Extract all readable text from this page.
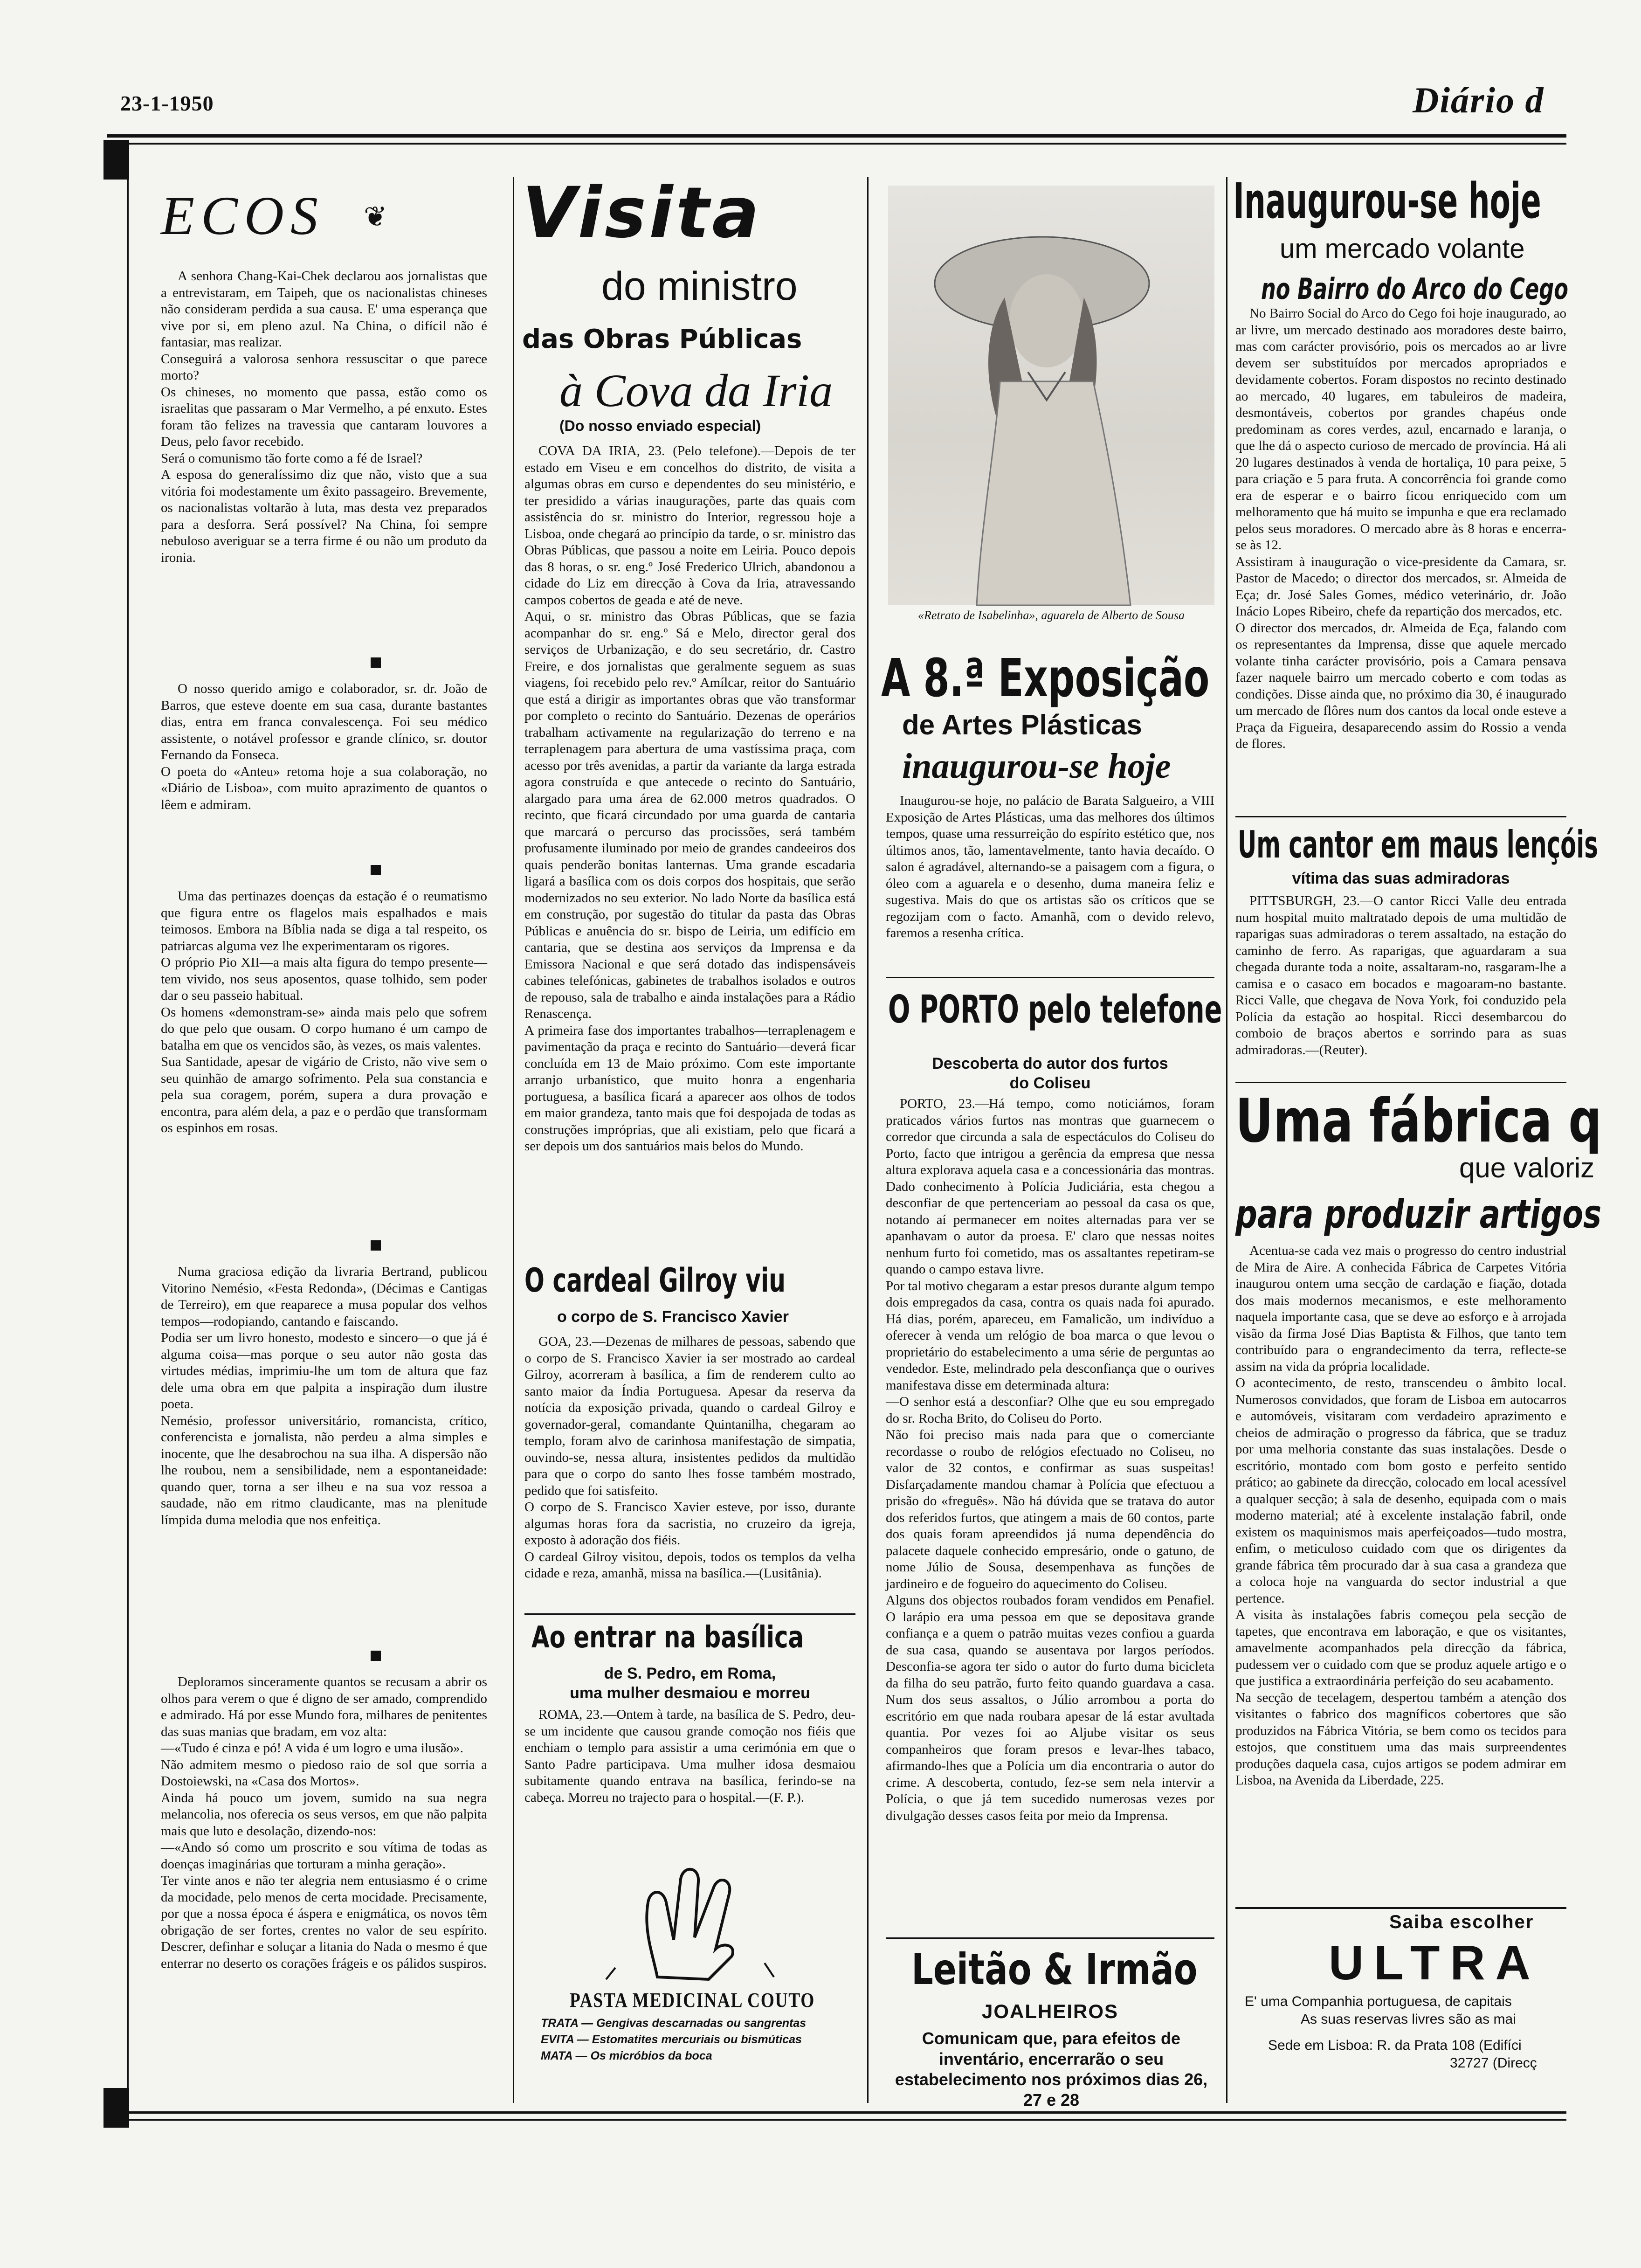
23-1-1950	Diário d
ECOS ❦
A senhora Chang-Kai-Chek declarou aos jornalistas que a entrevistaram, em Taipeh, que os nacionalistas chineses não consideram perdida a sua causa. E' uma esperança que vive por si, em pleno azul. Na China, o difícil não é fantasiar, mas realizar.
Conseguirá a valorosa senhora ressuscitar o que parece morto?
Os chineses, no momento que passa, estão como os israelitas que passaram o Mar Vermelho, a pé enxuto. Estes foram tão felizes na travessia que cantaram louvores a Deus, pelo favor recebido.
Será o comunismo tão forte como a fé de Israel?
A esposa do generalíssimo diz que não, visto que a sua vitória foi modestamente um êxito passageiro. Brevemente, os nacionalistas voltarão à luta, mas desta vez preparados para a desforra. Será possível? Na China, foi sempre nebuloso averiguar se a terra firme é ou não um produto da ironia.
O nosso querido amigo e colaborador, sr. dr. João de Barros, que esteve doente em sua casa, durante bastantes dias, entra em franca convalescença. Foi seu médico assistente, o notável professor e grande clínico, sr. doutor Fernando da Fonseca.
O poeta do «Anteu» retoma hoje a sua colaboração, no «Diário de Lisboa», com muito aprazimento de quantos o lêem e admiram.
Uma das pertinazes doenças da estação é o reumatismo que figura entre os flagelos mais espalhados e mais teimosos. Embora na Bíblia nada se diga a tal respeito, os patriarcas alguma vez lhe experimentaram os rigores.
O próprio Pio XII—a mais alta figura do tempo presente—tem vivido, nos seus aposentos, quase tolhido, sem poder dar o seu passeio habitual.
Os homens «demonstram-se» ainda mais pelo que sofrem do que pelo que ousam. O corpo humano é um campo de batalha em que os vencidos são, às vezes, os mais valentes.
Sua Santidade, apesar de vigário de Cristo, não vive sem o seu quinhão de amargo sofrimento. Pela sua constancia e pela sua coragem, porém, supera a dura provação e encontra, para além dela, a paz e o perdão que transformam os espinhos em rosas.
Numa graciosa edição da livraria Bertrand, publicou Vitorino Nemésio, «Festa Redonda», (Décimas e Cantigas de Terreiro), em que reaparece a musa popular dos velhos tempos—rodopiando, cantando e faiscando.
Podia ser um livro honesto, modesto e sincero—o que já é alguma coisa—mas porque o seu autor não gosta das virtudes médias, imprimiu-lhe um tom de altura que faz dele uma obra em que palpita a inspiração dum ilustre poeta.
Nemésio, professor universitário, romancista, crítico, conferencista e jornalista, não perdeu a alma simples e inocente, que lhe desabrochou na sua ilha. A dispersão não lhe roubou, nem a sensibilidade, nem a espontaneidade: quando quer, torna a ser ilheu e na sua voz ressoa a saudade, não em ritmo claudicante, mas na plenitude límpida duma melodia que nos enfeitiça.
Deploramos sinceramente quantos se recusam a abrir os olhos para verem o que é digno de ser amado, comprendido e admirado. Há por esse Mundo fora, milhares de penitentes das suas manias que bradam, em voz alta:
—«Tudo é cinza e pó! A vida é um logro e uma ilusão».
Não admitem mesmo o piedoso raio de sol que sorria a Dostoiewski, na «Casa dos Mortos».
Ainda há pouco um jovem, sumido na sua negra melancolia, nos oferecia os seus versos, em que não palpita mais que luto e desolação, dizendo-nos:
—«Ando só como um proscrito e sou vítima de todas as doenças imaginárias que torturam a minha geração».
Ter vinte anos e não ter alegria nem entusiasmo é o crime da mocidade, pelo menos de certa mocidade. Precisamente, por que a nossa época é áspera e enigmática, os novos têm obrigação de ser fortes, crentes no valor de seu espírito. Descrer, definhar e soluçar a litania do Nada o mesmo é que enterrar no deserto os corações frágeis e os pálidos suspiros.
Visita
do ministro
das Obras Públicas
à Cova da Iria
(Do nosso enviado especial)
COVA DA IRIA, 23. (Pelo telefone).—Depois de ter estado em Viseu e em concelhos do distrito, de visita a algumas obras em curso e dependentes do seu ministério, e ter presidido a várias inaugurações, parte das quais com assistência do sr. ministro do Interior, regressou hoje a Lisboa, onde chegará ao princípio da tarde, o sr. ministro das Obras Públicas, que passou a noite em Leiria. Pouco depois das 8 horas, o sr. eng.º José Frederico Ulrich, abandonou a cidade do Liz em direcção à Cova da Iria, atravessando campos cobertos de geada e até de neve.
Aqui, o sr. ministro das Obras Públicas, que se fazia acompanhar do sr. eng.º Sá e Melo, director geral dos serviços de Urbanização, e do seu secretário, dr. Castro Freire, e dos jornalistas que geralmente seguem as suas viagens, foi recebido pelo rev.º Amílcar, reitor do Santuário que está a dirigir as importantes obras que vão transformar por completo o recinto do Santuário. Dezenas de operários trabalham activamente na regularização do terreno e na terraplenagem para abertura de uma vastíssima praça, com acesso por três avenidas, a partir da variante da larga estrada agora construída e que antecede o recinto do Santuário, alargado para uma área de 62.000 metros quadrados. O recinto, que ficará circundado por uma guarda de cantaria que marcará o percurso das procissões, será também profusamente iluminado por meio de grandes candeeiros dos quais penderão bonitas lanternas. Uma grande escadaria ligará a basílica com os dois corpos dos hospitais, que serão modernizados no seu exterior. No lado Norte da basílica está em construção, por sugestão do titular da pasta das Obras Públicas e anuência do sr. bispo de Leiria, um edifício em cantaria, que se destina aos serviços da Imprensa e da Emissora Nacional e que será dotado das indispensáveis cabines telefónicas, gabinetes de trabalhos isolados e outros de repouso, sala de trabalho e ainda instalações para a Rádio Renascença.
A primeira fase dos importantes trabalhos—terraplenagem e pavimentação da praça e recinto do Santuário—deverá ficar concluída em 13 de Maio próximo. Com este importante arranjo urbanístico, que muito honra a engenharia portuguesa, a basílica ficará a aparecer aos olhos de todos em maior grandeza, tanto mais que foi despojada de todas as construções impróprias, que ali existiam, pelo que ficará a ser depois um dos santuários mais belos do Mundo.
O cardeal Gilroy viu
o corpo de S. Francisco Xavier
GOA, 23.—Dezenas de milhares de pessoas, sabendo que o corpo de S. Francisco Xavier ia ser mostrado ao cardeal Gilroy, acorreram à basílica, a fim de renderem culto ao santo maior da Índia Portuguesa. Apesar da reserva da notícia da exposição privada, quando o cardeal Gilroy e governador-geral, comandante Quintanilha, chegaram ao templo, foram alvo de carinhosa manifestação de simpatia, ouvindo-se, nessa altura, insistentes pedidos da multidão para que o corpo do santo lhes fosse também mostrado, pedido que foi satisfeito.
O corpo de S. Francisco Xavier esteve, por isso, durante algumas horas fora da sacristia, no cruzeiro da igreja, exposto à adoração dos fiéis.
O cardeal Gilroy visitou, depois, todos os templos da velha cidade e reza, amanhã, missa na basílica.—(Lusitânia).
Ao entrar na basílica
de S. Pedro, em Roma,
uma mulher desmaiou e morreu
ROMA, 23.—Ontem à tarde, na basílica de S. Pedro, deu-se um incidente que causou grande comoção nos fiéis que enchiam o templo para assistir a uma cerimónia em que o Santo Padre participava. Uma mulher idosa desmaiou subitamente quando entrava na basílica, ferindo-se na cabeça. Morreu no trajecto para o hospital.—(F. P.).
PASTA MEDICINAL COUTO
TRATA — Gengivas descarnadas ou sangrentas
EVITA — Estomatites mercuriais ou bismúticas
MATA — Os micróbios da boca
«Retrato de Isabelinha», aguarela de Alberto de Sousa
A 8.ª Exposição
de Artes Plásticas
inaugurou-se hoje
Inaugurou-se hoje, no palácio de Barata Salgueiro, a VIII Exposição de Artes Plásticas, uma das melhores dos últimos tempos, quase uma ressurreição do espírito estético que, nos últimos anos, tão, lamentavelmente, tanto havia decaído. O salon é agradável, alternando-se a paisagem com a figura, o óleo com a aguarela e o desenho, duma maneira feliz e sugestiva. Mais do que os artistas são os críticos que se regozijam com o facto. Amanhã, com o devido relevo, faremos a resenha crítica.
O PORTO pelo telefone
Descoberta do autor dos furtos
do Coliseu
PORTO, 23.—Há tempo, como noticiámos, foram praticados vários furtos nas montras que guarnecem o corredor que circunda a sala de espectáculos do Coliseu do Porto, facto que intrigou a gerência da empresa que nessa altura explorava aquela casa e a concessionária das montras. Dado conhecimento à Polícia Judiciária, esta chegou a desconfiar de que pertenceriam ao pessoal da casa os que, notando aí permanecer em noites alternadas para ver se apanhavam o autor da proesa. E' claro que nessas noites nenhum furto foi cometido, mas os assaltantes repetiram-se quando o campo estava livre.
Por tal motivo chegaram a estar presos durante algum tempo dois empregados da casa, contra os quais nada foi apurado. Há dias, porém, apareceu, em Famalicão, um indivíduo a oferecer à venda um relógio de boa marca o que levou o proprietário do estabelecimento a uma série de perguntas ao vendedor. Este, melindrado pela desconfiança que o ourives manifestava disse em determinada altura:
—O senhor está a desconfiar? Olhe que eu sou empregado do sr. Rocha Brito, do Coliseu do Porto.
Não foi preciso mais nada para que o comerciante recordasse o roubo de relógios efectuado no Coliseu, no valor de 32 contos, e confirmar as suas suspeitas! Disfarçadamente mandou chamar à Polícia que efectuou a prisão do «freguês». Não há dúvida que se tratava do autor dos referidos furtos, que atingem a mais de 60 contos, parte dos quais foram apreendidos já numa dependência do palacete daquele conhecido empresário, onde o gatuno, de nome Júlio de Sousa, desempenhava as funções de jardineiro e de fogueiro do aquecimento do Coliseu.
Alguns dos objectos roubados foram vendidos em Penafiel. O larápio era uma pessoa em que se depositava grande confiança e a quem o patrão muitas vezes confiou a guarda de sua casa, quando se ausentava por largos períodos. Desconfia-se agora ter sido o autor do furto duma bicicleta da filha do seu patrão, furto feito quando guardava a casa. Num dos seus assaltos, o Júlio arrombou a porta do escritório em que nada roubara apesar de lá estar avultada quantia. Por vezes foi ao Aljube visitar os seus companheiros que foram presos e levar-lhes tabaco, afirmando-lhes que a Polícia um dia encontraria o autor do crime. A descoberta, contudo, fez-se sem nela intervir a Polícia, o que já tem sucedido numerosas vezes por divulgação desses casos feita por meio da Imprensa.
Leitão & Irmão
JOALHEIROS
Comunicam que, para efeitos de inventário, encerrarão o seu estabelecimento nos próximos dias 26, 27 e 28
Inaugurou-se hoje
um mercado volante
no Bairro do Arco do Cego
No Bairro Social do Arco do Cego foi hoje inaugurado, ao ar livre, um mercado destinado aos moradores deste bairro, mas com carácter provisório, pois os mercados ao ar livre devem ser substituídos por mercados apropriados e devidamente cobertos. Foram dispostos no recinto destinado ao mercado, 40 lugares, em tabuleiros de madeira, desmontáveis, cobertos por grandes chapéus onde predominam as cores verdes, azul, encarnado e laranja, o que lhe dá o aspecto curioso de mercado de província. Há ali 20 lugares destinados à venda de hortaliça, 10 para peixe, 5 para criação e 5 para fruta. A concorrência foi grande como era de esperar e o bairro ficou enriquecido com um melhoramento que há muito se impunha e que era reclamado pelos seus moradores. O mercado abre às 8 horas e encerra-se às 12.
Assistiram à inauguração o vice-presidente da Camara, sr. Pastor de Macedo; o director dos mercados, sr. Almeida de Eça; dr. José Sales Gomes, médico veterinário, dr. João Inácio Lopes Ribeiro, chefe da repartição dos mercados, etc.
O director dos mercados, dr. Almeida de Eça, falando com os representantes da Imprensa, disse que aquele mercado volante tinha carácter provisório, pois a Camara pensava fazer naquele bairro um mercado coberto e com todas as condições. Disse ainda que, no próximo dia 30, é inaugurado um mercado de flôres num dos cantos da local onde esteve a Praça da Figueira, desaparecendo assim do Rossio a venda de flores.
Um cantor em maus lençóis
vítima das suas admiradoras
PITTSBURGH, 23.—O cantor Ricci Valle deu entrada num hospital muito maltratado depois de uma multidão de raparigas suas admiradoras o terem assaltado, na estação do caminho de ferro. As raparigas, que aguardaram a sua chegada durante toda a noite, assaltaram-no, rasgaram-lhe a camisa e o casaco em bocados e magoaram-no bastante. Ricci Valle, que chegava de Nova York, foi conduzido pela Polícia da estação ao hospital. Ricci desembarcou do comboio de braços abertos e sorrindo para as suas admiradoras.—(Reuter).
Uma fábrica q
que valoriz
para produzir artigos
Acentua-se cada vez mais o progresso do centro industrial de Mira de Aire. A conhecida Fábrica de Carpetes Vitória inaugurou ontem uma secção de cardação e fiação, dotada dos mais modernos mecanismos, e este melhoramento naquela importante casa, que se deve ao esforço e à arrojada visão da firma José Dias Baptista & Filhos, que tanto tem contribuído para o engrandecimento da terra, reflecte-se assim na vida da própria localidade.
O acontecimento, de resto, transcendeu o âmbito local. Numerosos convidados, que foram de Lisboa em autocarros e automóveis, visitaram com verdadeiro aprazimento e cheios de admiração o progresso da fábrica, que se traduz por uma melhoria constante das suas instalações. Desde o escritório, montado com bom gosto e perfeito sentido prático; ao gabinete da direcção, colocado em local acessível a qualquer secção; à sala de desenho, equipada com o mais moderno material; até à excelente instalação fabril, onde existem os maquinismos mais aperfeiçoados—tudo mostra, enfim, o meticuloso cuidado com que os dirigentes da grande fábrica têm procurado dar à sua casa a grandeza que a coloca hoje na vanguarda do sector industrial a que pertence.
A visita às instalações fabris começou pela secção de tapetes, que encontrava em laboração, e que os visitantes, amavelmente acompanhados pela direcção da fábrica, pudessem ver o cuidado com que se produz aquele artigo e o que justifica a extraordinária perfeição do seu acabamento.
Na secção de tecelagem, despertou também a atenção dos visitantes o fabrico dos magníficos cobertores que são produzidos na Fábrica Vitória, se bem como os tecidos para estojos, que constituem uma das mais surpreendentes produções daquela casa, cujos artigos se podem admirar em Lisboa, na Avenida da Liberdade, 225.
Saiba escolher
ULTRA
E' uma Companhia portuguesa, de capitais
As suas reservas livres são as mai
Sede em Lisboa: R. da Prata 108 (Edifíci
32727 (Direcç
